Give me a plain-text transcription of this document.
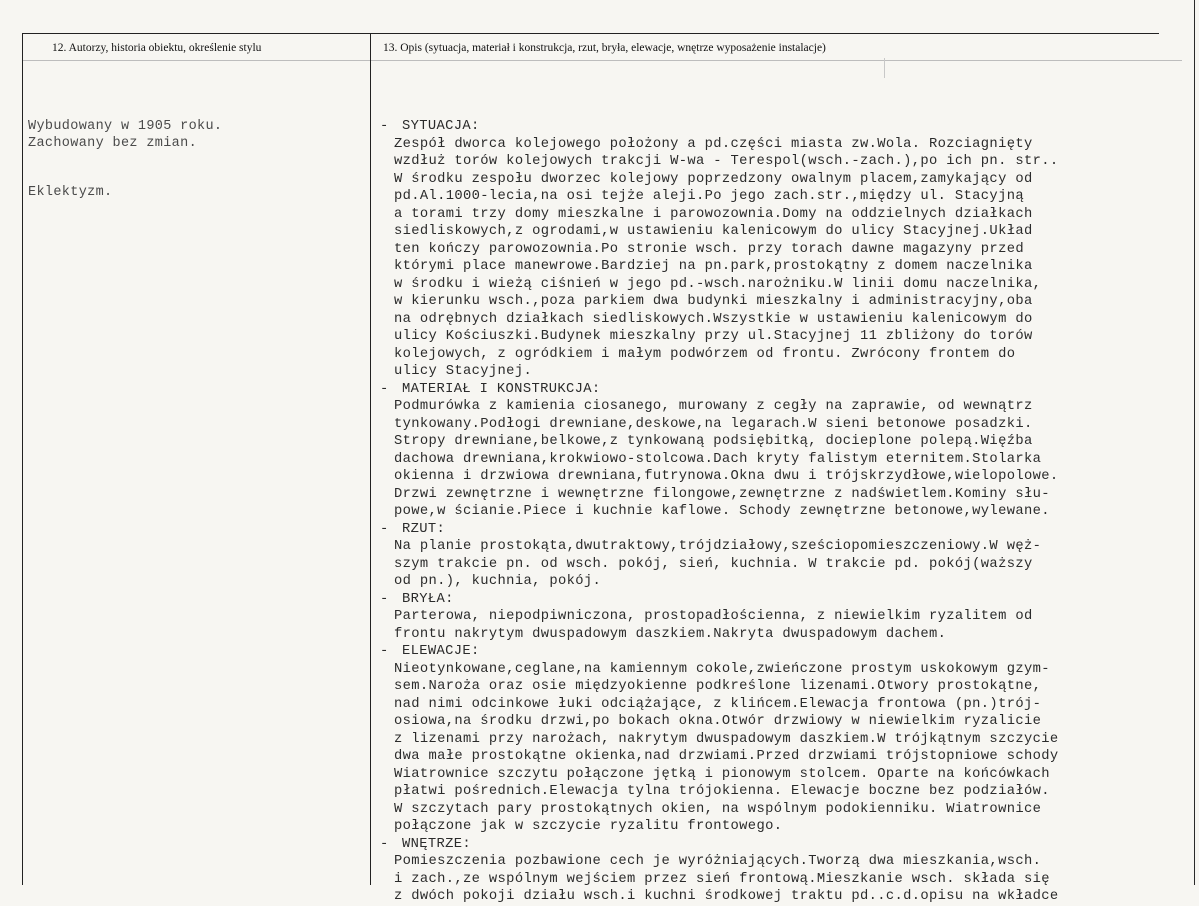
12. Autorzy, historia obiektu, określenie stylu	13. Opis (sytuacja, materiał i konstrukcja, rzut, bryła, elewacje, wnętrze wyposażenie instalacje)
Wybudowany w 1905 roku.
Zachowany bez zmian.
Eklektyzm.
- SYTUACJA:
Zespół dworca kolejowego położony a pd.części miasta zw.Wola. Rozciagnięty
wzdłuż torów kolejowych trakcji W-wa - Terespol(wsch.-zach.),po ich pn. str..
W środku zespołu dworzec kolejowy poprzedzony owalnym placem,zamykający od
pd.Al.1000-lecia,na osi tejże aleji.Po jego zach.str.,między ul. Stacyjną
a torami trzy domy mieszkalne i parowozownia.Domy na oddzielnych działkach
siedliskowych,z ogrodami,w ustawieniu kalenicowym do ulicy Stacyjnej.Układ
ten kończy parowozownia.Po stronie wsch. przy torach dawne magazyny przed
którymi place manewrowe.Bardziej na pn.park,prostokątny z domem naczelnika
w środku i wieżą ciśnień w jego pd.-wsch.narożniku.W linii domu naczelnika,
w kierunku wsch.,poza parkiem dwa budynki mieszkalny i administracyjny,oba
na odrębnych działkach siedliskowych.Wszystkie w ustawieniu kalenicowym do
ulicy Kościuszki.Budynek mieszkalny przy ul.Stacyjnej 11 zbliżony do torów
kolejowych, z ogródkiem i małym podwórzem od frontu. Zwrócony frontem do
ulicy Stacyjnej.
- MATERIAŁ I KONSTRUKCJA:
Podmurówka z kamienia ciosanego, murowany z cegły na zaprawie, od wewnątrz
tynkowany.Podłogi drewniane,deskowe,na legarach.W sieni betonowe posadzki.
Stropy drewniane,belkowe,z tynkowaną podsiębitką, docieplone polepą.Więźba
dachowa drewniana,krokwiowo-stolcowa.Dach kryty falistym eternitem.Stolarka
okienna i drzwiowa drewniana,futrynowa.Okna dwu i trójskrzydłowe,wielopolowe.
Drzwi zewnętrzne i wewnętrzne filongowe,zewnętrzne z nadświetlem.Kominy słu-
powe,w ścianie.Piece i kuchnie kaflowe. Schody zewnętrzne betonowe,wylewane.
- RZUT:
Na planie prostokąta,dwutraktowy,trójdziałowy,sześciopomieszczeniowy.W węż-
szym trakcie pn. od wsch. pokój, sień, kuchnia. W trakcie pd. pokój(waższy
od pn.), kuchnia, pokój.
- BRYŁA:
Parterowa, niepodpiwniczona, prostopadłościenna, z niewielkim ryzalitem od
frontu nakrytym dwuspadowym daszkiem.Nakryta dwuspadowym dachem.
- ELEWACJE:
Nieotynkowane,ceglane,na kamiennym cokole,zwieńczone prostym uskokowym gzym-
sem.Naroża oraz osie międzyokienne podkreślone lizenami.Otwory prostokątne,
nad nimi odcinkowe łuki odciążające, z klińcem.Elewacja frontowa (pn.)trój-
osiowa,na środku drzwi,po bokach okna.Otwór drzwiowy w niewielkim ryzalicie
z lizenami przy narożach, nakrytym dwuspadowym daszkiem.W trójkątnym szczycie
dwa małe prostokątne okienka,nad drzwiami.Przed drzwiami trójstopniowe schody
Wiatrownice szczytu połączone jętką i pionowym stolcem. Oparte na końcówkach
płatwi pośrednich.Elewacja tylna trójokienna. Elewacje boczne bez podziałów.
W szczytach pary prostokątnych okien, na wspólnym podokienniku. Wiatrownice
połączone jak w szczycie ryzalitu frontowego.
- WNĘTRZE:
Pomieszczenia pozbawione cech je wyróżniających.Tworzą dwa mieszkania,wsch.
i zach.,ze wspólnym wejściem przez sień frontową.Mieszkanie wsch. składa się
z dwóch pokoji działu wsch.i kuchni środkowej traktu pd..c.d.opisu na wkładce
